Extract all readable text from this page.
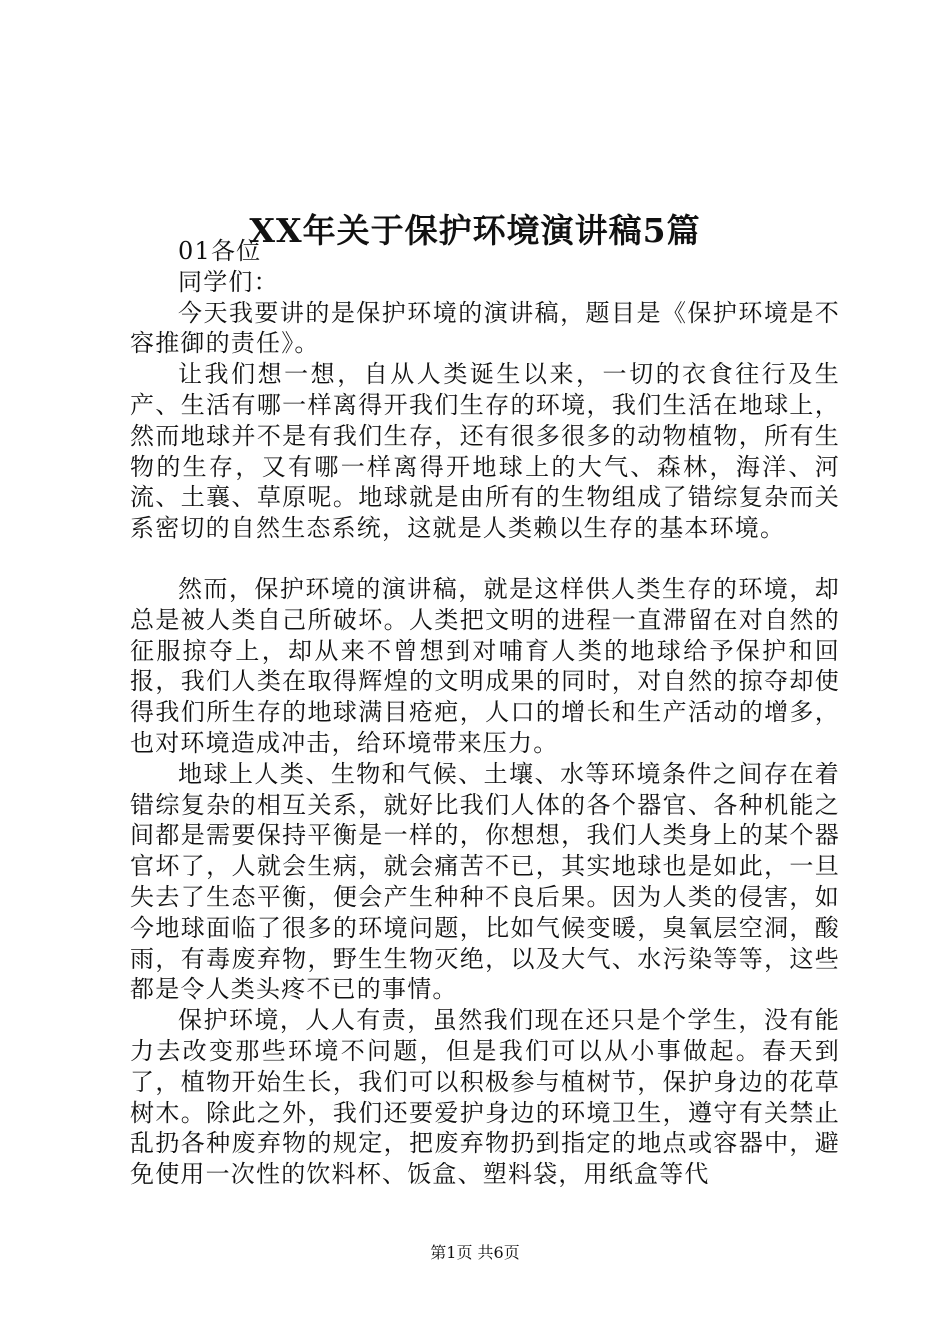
XX年关于保护环境演讲稿5篇

01各位

同学们：

今天我要讲的是保护环境的演讲稿，题目是《保护环境是不容推御的责任》。

让我们想一想，自从人类诞生以来，一切的衣食往行及生产、生活有哪一样离得开我们生存的环境，我们生活在地球上，然而地球并不是有我们生存，还有很多很多的动物植物，所有生物的生存，又有哪一样离得开地球上的大气、森林，海洋、河流、土襄、草原呢。地球就是由所有的生物组成了错综复杂而关系密切的自然生态系统，这就是人类赖以生存的基本环境。

然而，保护环境的演讲稿，就是这样供人类生存的环境，却总是被人类自己所破坏。人类把文明的进程一直滞留在对自然的征服掠夺上，却从来不曾想到对哺育人类的地球给予保护和回报，我们人类在取得辉煌的文明成果的同时，对自然的掠夺却使得我们所生存的地球满目疮疤，人口的增长和生产活动的增多，也对环境造成冲击，给环境带来压力。

地球上人类、生物和气候、土壤、水等环境条件之间存在着错综复杂的相互关系，就好比我们人体的各个器官、各种机能之间都是需要保持平衡是一样的，你想想，我们人类身上的某个器官坏了，人就会生病，就会痛苦不已，其实地球也是如此，一旦失去了生态平衡，便会产生种种不良后果。因为人类的侵害，如今地球面临了很多的环境问题，比如气候变暖，臭氧层空洞，酸雨，有毒废弃物，野生生物灭绝，以及大气、水污染等等，这些都是令人类头疼不已的事情。

保护环境，人人有责，虽然我们现在还只是个学生，没有能力去改变那些环境不问题，但是我们可以从小事做起。春天到了，植物开始生长，我们可以积极参与植树节，保护身边的花草树木。除此之外，我们还要爱护身边的环境卫生，遵守有关禁止乱扔各种废弃物的规定，把废弃物扔到指定的地点或容器中，避免使用一次性的饮料杯、饭盒、塑料袋，用纸盒等代

第1页 共6页
